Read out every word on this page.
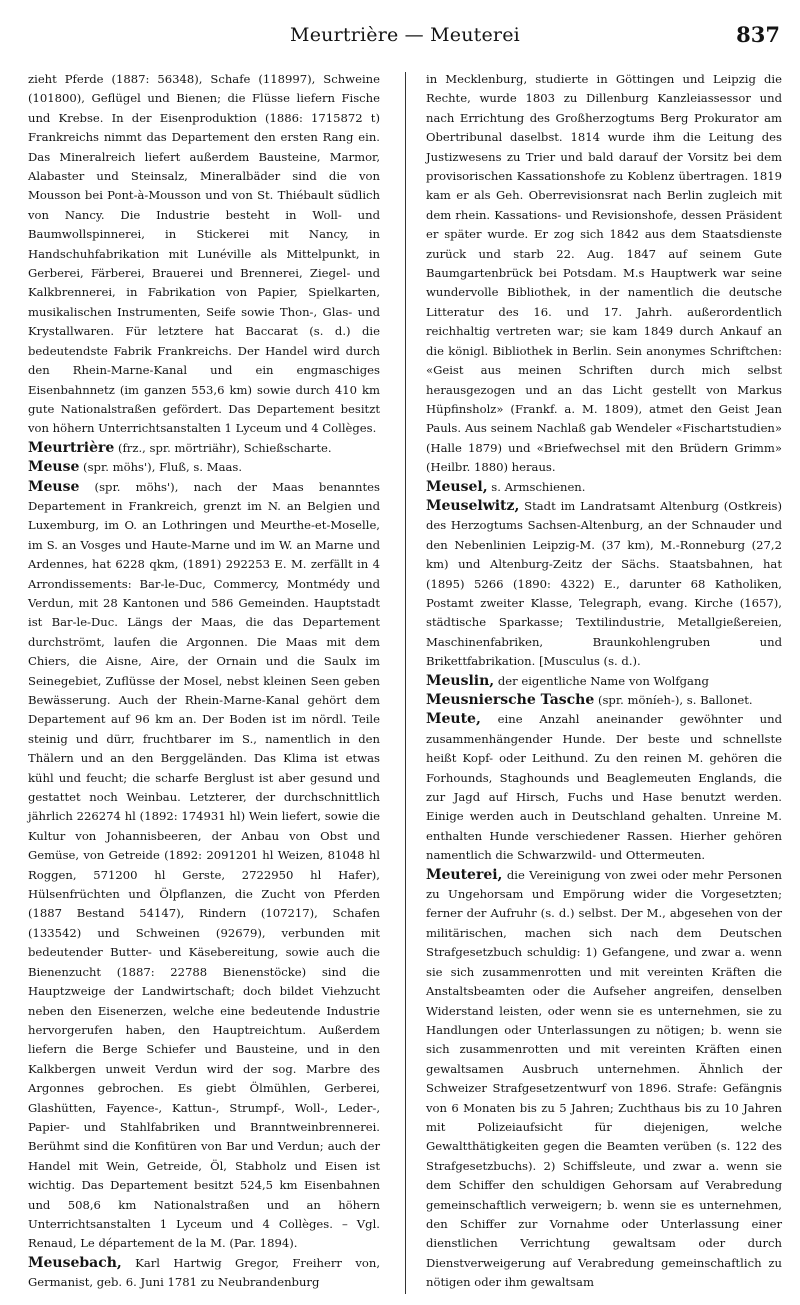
Meurtrière — Meuterei	837

zieht Pferde (1887: 56348), Schafe (118997), Schweine (101800), Geflügel und Bienen; die Flüsse liefern Fische und Krebse. In der Eisenproduktion (1886: 1715872 t) Frankreichs nimmt das Departement den ersten Rang ein. Das Mineralreich liefert außerdem Bausteine, Marmor, Alabaster und Steinsalz, Mineralbäder sind die von Mousson bei Pont-à-Mousson und von St. Thiébault südlich von Nancy. Die Industrie besteht in Woll- und Baumwollspinnerei, in Stickerei mit Nancy, in Handschuhfabrikation mit Lunéville als Mittelpunkt, in Gerberei, Färberei, Brauerei und Brennerei, Ziegel- und Kalkbrennerei, in Fabrikation von Papier, Spielkarten, musikalischen Instrumenten, Seife sowie Thon-, Glas- und Krystallwaren. Für letztere hat Baccarat (s. d.) die bedeutendste Fabrik Frankreichs. Der Handel wird durch den Rhein-Marne-Kanal und ein engmaschiges Eisenbahnnetz (im ganzen 553,6 km) sowie durch 410 km gute Nationalstraßen gefördert. Das Departement besitzt von höhern Unterrichtsanstalten 1 Lyceum und 4 Collèges.

Meurtrière (frz., spr. mörtriähr), Schießscharte.

Meuse (spr. möhs'), Fluß, s. Maas.

Meuse (spr. möhs'), nach der Maas benanntes Departement in Frankreich, grenzt im N. an Belgien und Luxemburg, im O. an Lothringen und Meurthe-et-Moselle, im S. an Vosges und Haute-Marne und im W. an Marne und Ardennes, hat 6228 qkm, (1891) 292253 E. M. zerfällt in 4 Arrondissements: Bar-le-Duc, Commercy, Montmédy und Verdun, mit 28 Kantonen und 586 Gemeinden. Hauptstadt ist Bar-le-Duc. Längs der Maas, die das Departement durchströmt, laufen die Argonnen. Die Maas mit dem Chiers, die Aisne, Aire, der Ornain und die Saulx im Seinegebiet, Zuflüsse der Mosel, nebst kleinen Seen geben Bewässerung. Auch der Rhein-Marne-Kanal gehört dem Departement auf 96 km an. Der Boden ist im nördl. Teile steinig und dürr, fruchtbarer im S., namentlich in den Thälern und an den Berggeländen. Das Klima ist etwas kühl und feucht; die scharfe Berglust ist aber gesund und gestattet noch Weinbau. Letzterer, der durchschnittlich jährlich 226274 hl (1892: 174931 hl) Wein liefert, sowie die Kultur von Johannisbeeren, der Anbau von Obst und Gemüse, von Getreide (1892: 2091201 hl Weizen, 81048 hl Roggen, 571200 hl Gerste, 2722950 hl Hafer), Hülsenfrüchten und Ölpflanzen, die Zucht von Pferden (1887 Bestand 54147), Rindern (107217), Schafen (133542) und Schweinen (92679), verbunden mit bedeutender Butter- und Käsebereitung, sowie auch die Bienenzucht (1887: 22788 Bienenstöcke) sind die Hauptzweige der Landwirtschaft; doch bildet Viehzucht neben den Eisenerzen, welche eine bedeutende Industrie hervorgerufen haben, den Hauptreichtum. Außerdem liefern die Berge Schiefer und Bausteine, und in den Kalkbergen unweit Verdun wird der sog. Marbre des Argonnes gebrochen. Es giebt Ölmühlen, Gerberei, Glashütten, Fayence-, Kattun-, Strumpf-, Woll-, Leder-, Papier- und Stahlfabriken und Branntweinbrennerei. Berühmt sind die Konfitüren von Bar und Verdun; auch der Handel mit Wein, Getreide, Öl, Stabholz und Eisen ist wichtig. Das Departement besitzt 524,5 km Eisenbahnen und 508,6 km Nationalstraßen und an höhern Unterrichtsanstalten 1 Lyceum und 4 Collèges. – Vgl. Renaud, Le département de la M. (Par. 1894).

Meusebach, Karl Hartwig Gregor, Freiherr von, Germanist, geb. 6. Juni 1781 zu Neubrandenburg

in Mecklenburg, studierte in Göttingen und Leipzig die Rechte, wurde 1803 zu Dillenburg Kanzleiassessor und nach Errichtung des Großherzogtums Berg Prokurator am Obertribunal daselbst. 1814 wurde ihm die Leitung des Justizwesens zu Trier und bald darauf der Vorsitz bei dem provisorischen Kassationshofe zu Koblenz übertragen. 1819 kam er als Geh. Oberrevisionsrat nach Berlin zugleich mit dem rhein. Kassations- und Revisionshofe, dessen Präsident er später wurde. Er zog sich 1842 aus dem Staatsdienste zurück und starb 22. Aug. 1847 auf seinem Gute Baumgartenbrück bei Potsdam. M.s Hauptwerk war seine wundervolle Bibliothek, in der namentlich die deutsche Litteratur des 16. und 17. Jahrh. außerordentlich reichhaltig vertreten war; sie kam 1849 durch Ankauf an die königl. Bibliothek in Berlin. Sein anonymes Schriftchen: «Geist aus meinen Schriften durch mich selbst herausgezogen und an das Licht gestellt von Markus Hüpfinsholz» (Frankf. a. M. 1809), atmet den Geist Jean Pauls. Aus seinem Nachlaß gab Wendeler «Fischartstudien» (Halle 1879) und «Briefwechsel mit den Brüdern Grimm» (Heilbr. 1880) heraus.

Meusel, s. Armschienen.

Meuselwitz, Stadt im Landratsamt Altenburg (Ostkreis) des Herzogtums Sachsen-Altenburg, an der Schnauder und den Nebenlinien Leipzig-M. (37 km), M.-Ronneburg (27,2 km) und Altenburg-Zeitz der Sächs. Staatsbahnen, hat (1895) 5266 (1890: 4322) E., darunter 68 Katholiken, Postamt zweiter Klasse, Telegraph, evang. Kirche (1657), städtische Sparkasse; Textilindustrie, Metallgießereien, Maschinenfabriken, Braunkohlengruben und Brikettfabrikation. [Musculus (s. d.).

Meuslin, der eigentliche Name von Wolfgang

Meusniersche Tasche (spr. möníeh-), s. Ballonet.

Meute, eine Anzahl aneinander gewöhnter und zusammenhängender Hunde. Der beste und schnellste heißt Kopf- oder Leithund. Zu den reinen M. gehören die Forhounds, Staghounds und Beaglemeuten Englands, die zur Jagd auf Hirsch, Fuchs und Hase benutzt werden. Einige werden auch in Deutschland gehalten. Unreine M. enthalten Hunde verschiedener Rassen. Hierher gehören namentlich die Schwarzwild- und Ottermeuten.

Meuterei, die Vereinigung von zwei oder mehr Personen zu Ungehorsam und Empörung wider die Vorgesetzten; ferner der Aufruhr (s. d.) selbst. Der M., abgesehen von der militärischen, machen sich nach dem Deutschen Strafgesetzbuch schuldig: 1) Gefangene, und zwar a. wenn sie sich zusammenrotten und mit vereinten Kräften die Anstaltsbeamten oder die Aufseher angreifen, denselben Widerstand leisten, oder wenn sie es unternehmen, sie zu Handlungen oder Unterlassungen zu nötigen; b. wenn sie sich zusammenrotten und mit vereinten Kräften einen gewaltsamen Ausbruch unternehmen. Ähnlich der Schweizer Strafgesetzentwurf von 1896. Strafe: Gefängnis von 6 Monaten bis zu 5 Jahren; Zuchthaus bis zu 10 Jahren mit Polizeiaufsicht für diejenigen, welche Gewaltthätigkeiten gegen die Beamten verüben (s. 122 des Strafgesetzbuchs). 2) Schiffsleute, und zwar a. wenn sie dem Schiffer den schuldigen Gehorsam auf Verabredung gemeinschaftlich verweigern; b. wenn sie es unternehmen, den Schiffer zur Vornahme oder Unterlassung einer dienstlichen Verrichtung gewaltsam oder durch Dienstverweigerung auf Verabredung gemeinschaftlich zu nötigen oder ihm gewaltsam
